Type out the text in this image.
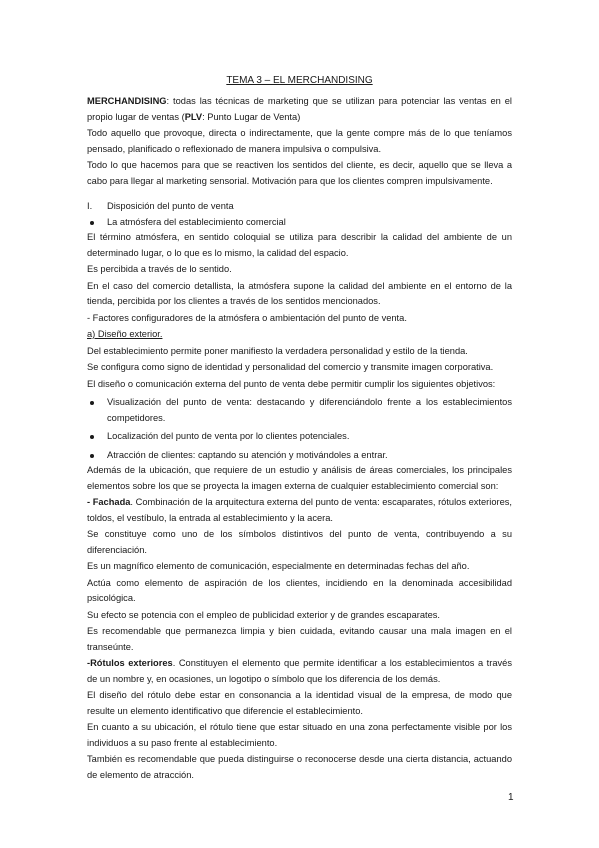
TEMA 3 – EL MERCHANDISING

MERCHANDISING: todas las técnicas de marketing que se utilizan para potenciar las ventas en el propio lugar de ventas (PLV: Punto Lugar de Venta)

Todo aquello que provoque, directa o indirectamente, que la gente compre más de lo que teníamos pensado, planificado o reflexionado de manera impulsiva o compulsiva.

Todo lo que hacemos para que se reactiven los sentidos del cliente, es decir, aquello que se lleva a cabo para llegar al marketing sensorial. Motivación para que los clientes compren impulsivamente.

I.	Disposición del punto de venta
La atmósfera del establecimiento comercial

El término atmósfera, en sentido coloquial se utiliza para describir la calidad del ambiente de un determinado lugar, o lo que es lo mismo, la calidad del espacio.

Es percibida a través de lo sentido.

En el caso del comercio detallista, la atmósfera supone la calidad del ambiente en el entorno de la tienda, percibida por los clientes a través de los sentidos mencionados.

- Factores configuradores de la atmósfera o ambientación del punto de venta.

a) Diseño exterior.

Del establecimiento permite poner manifiesto la verdadera personalidad y estilo de la tienda.

Se configura como signo de identidad y personalidad del comercio y transmite imagen corporativa.

El diseño o comunicación externa del punto de venta debe permitir cumplir los siguientes objetivos:

Visualización del punto de venta: destacando y diferenciándolo frente a los establecimientos competidores.
Localización del punto de venta por lo clientes potenciales.
Atracción de clientes: captando su atención y motivándoles a entrar.

Además de la ubicación, que requiere de un estudio y análisis de áreas comerciales, los principales elementos sobre los que se proyecta la imagen externa de cualquier establecimiento comercial son:

- Fachada. Combinación de la arquitectura externa del punto de venta: escaparates, rótulos exteriores, toldos, el vestíbulo, la entrada al establecimiento y la acera.

Se constituye como uno de los símbolos distintivos del punto de venta, contribuyendo a su diferenciación.

Es un magnífico elemento de comunicación, especialmente en determinadas fechas del año.

Actúa como elemento de aspiración de los clientes, incidiendo en la denominada accesibilidad psicológica.

Su efecto se potencia con el empleo de publicidad exterior y de grandes escaparates.

Es recomendable que permanezca limpia y bien cuidada, evitando causar una mala imagen en el transeúnte.

-Rótulos exteriores. Constituyen el elemento que permite identificar a los establecimientos a través de un nombre y, en ocasiones, un logotipo o símbolo que los diferencia de los demás.

El diseño del rótulo debe estar en consonancia a la identidad visual de la empresa, de modo que resulte un elemento identificativo que diferencie el establecimiento.

En cuanto a su ubicación, el rótulo tiene que estar situado en una zona perfectamente visible por los individuos a su paso frente al establecimiento.

También es recomendable que pueda distinguirse o reconocerse desde una cierta distancia, actuando de elemento de atracción.

1
